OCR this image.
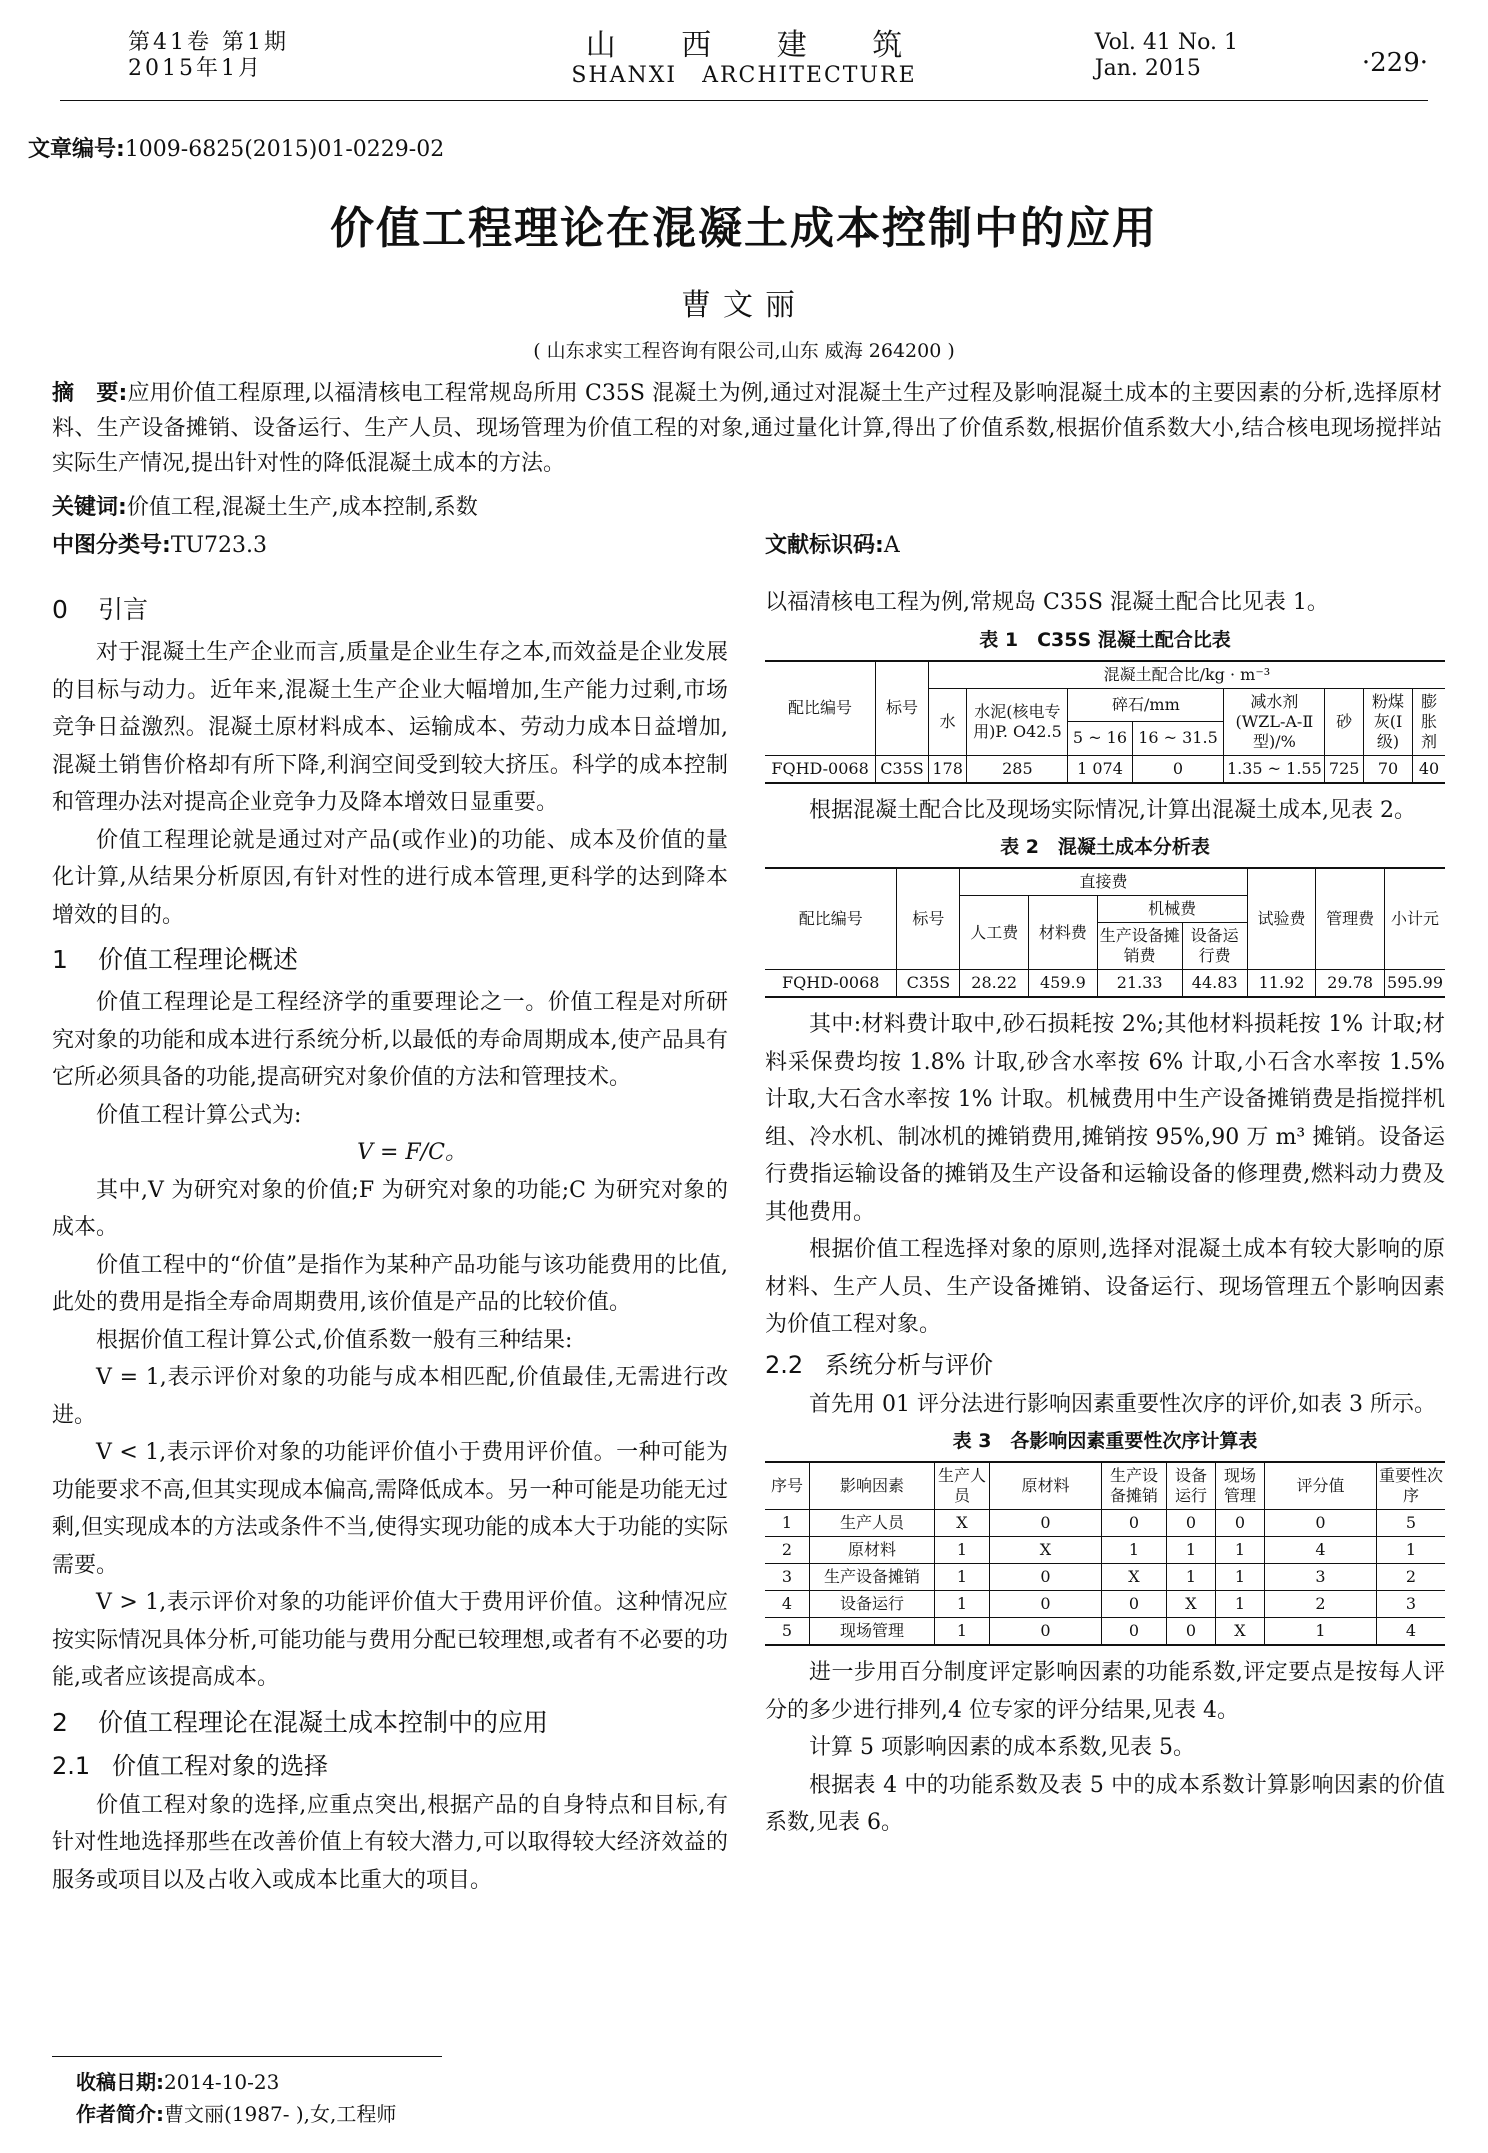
第41卷 第1期
2015年1月
山 西 建 筑
SHANXI ARCHITECTURE
Vol. 41 No. 1
Jan. 2015	·229·
文章编号:1009-6825(2015)01-0229-02
价值工程理论在混凝土成本控制中的应用
曹文丽
( 山东求实工程咨询有限公司,山东 威海 264200 )
摘　要:应用价值工程原理,以福清核电工程常规岛所用 C35S 混凝土为例,通过对混凝土生产过程及影响混凝土成本的主要因素的分析,选择原材料、生产设备摊销、设备运行、生产人员、现场管理为价值工程的对象,通过量化计算,得出了价值系数,根据价值系数大小,结合核电现场搅拌站实际生产情况,提出针对性的降低混凝土成本的方法。
关键词:价值工程,混凝土生产,成本控制,系数
中图分类号:TU723.3	文献标识码:A
0 引言

对于混凝土生产企业而言,质量是企业生存之本,而效益是企业发展的目标与动力。近年来,混凝土生产企业大幅增加,生产能力过剩,市场竞争日益激烈。混凝土原材料成本、运输成本、劳动力成本日益增加,混凝土销售价格却有所下降,利润空间受到较大挤压。科学的成本控制和管理办法对提高企业竞争力及降本增效日显重要。

价值工程理论就是通过对产品(或作业)的功能、成本及价值的量化计算,从结果分析原因,有针对性的进行成本管理,更科学的达到降本增效的目的。

1 价值工程理论概述

价值工程理论是工程经济学的重要理论之一。价值工程是对所研究对象的功能和成本进行系统分析,以最低的寿命周期成本,使产品具有它所必须具备的功能,提高研究对象价值的方法和管理技术。

价值工程计算公式为:

V = F/C。

其中,V 为研究对象的价值;F 为研究对象的功能;C 为研究对象的成本。

价值工程中的“价值”是指作为某种产品功能与该功能费用的比值,此处的费用是指全寿命周期费用,该价值是产品的比较价值。

根据价值工程计算公式,价值系数一般有三种结果:

V = 1,表示评价对象的功能与成本相匹配,价值最佳,无需进行改进。

V < 1,表示评价对象的功能评价值小于费用评价值。一种可能为功能要求不高,但其实现成本偏高,需降低成本。另一种可能是功能无过剩,但实现成本的方法或条件不当,使得实现功能的成本大于功能的实际需要。

V > 1,表示评价对象的功能评价值大于费用评价值。这种情况应按实际情况具体分析,可能功能与费用分配已较理想,或者有不必要的功能,或者应该提高成本。

2 价值工程理论在混凝土成本控制中的应用
2.1 价值工程对象的选择

价值工程对象的选择,应重点突出,根据产品的自身特点和目标,有针对性地选择那些在改善价值上有较大潜力,可以取得较大经济效益的服务或项目以及占收入或成本比重大的项目。

以福清核电工程为例,常规岛 C35S 混凝土配合比见表 1。

表 1　C35S 混凝土配合比表
配比编号	标号	混凝土配合比/kg · m⁻³							
		水	水泥(核电专用)P. O42.5	碎石/mm		减水剂(WZL-A-Ⅱ型)/%	砂	粉煤灰(Ⅰ级)	膨胀剂
				5 ~ 16	16 ~ 31.5				
FQHD-0068	C35S	178	285	1 074	0	1.35 ~ 1.55	725	70	40

根据混凝土配合比及现场实际情况,计算出混凝土成本,见表 2。

表 2　混凝土成本分析表
配比编号	标号	直接费				试验费	管理费	小计元
		人工费	材料费	机械费				
				生产设备摊销费	设备运行费			
FQHD-0068	C35S	28.22	459.9	21.33	44.83	11.92	29.78	595.99

其中:材料费计取中,砂石损耗按 2%;其他材料损耗按 1% 计取;材料采保费均按 1.8% 计取,砂含水率按 6% 计取,小石含水率按 1.5% 计取,大石含水率按 1% 计取。机械费用中生产设备摊销费是指搅拌机组、冷水机、制冰机的摊销费用,摊销按 95%,90 万 m³ 摊销。设备运行费指运输设备的摊销及生产设备和运输设备的修理费,燃料动力费及其他费用。

根据价值工程选择对象的原则,选择对混凝土成本有较大影响的原材料、生产人员、生产设备摊销、设备运行、现场管理五个影响因素为价值工程对象。

2.2 系统分析与评价

首先用 01 评分法进行影响因素重要性次序的评价,如表 3 所示。

表 3　各影响因素重要性次序计算表
序号	影响因素	生产人员	原材料	生产设备摊销	设备运行	现场管理	评分值	重要性次序
1	生产人员	X	0	0	0	0	0	5
2	原材料	1	X	1	1	1	4	1
3	生产设备摊销	1	0	X	1	1	3	2
4	设备运行	1	0	0	X	1	2	3
5	现场管理	1	0	0	0	X	1	4

进一步用百分制度评定影响因素的功能系数,评定要点是按每人评分的多少进行排列,4 位专家的评分结果,见表 4。

计算 5 项影响因素的成本系数,见表 5。

根据表 4 中的功能系数及表 5 中的成本系数计算影响因素的价值系数,见表 6。

收稿日期:2014-10-23
作者简介:曹文丽(1987- ),女,工程师
